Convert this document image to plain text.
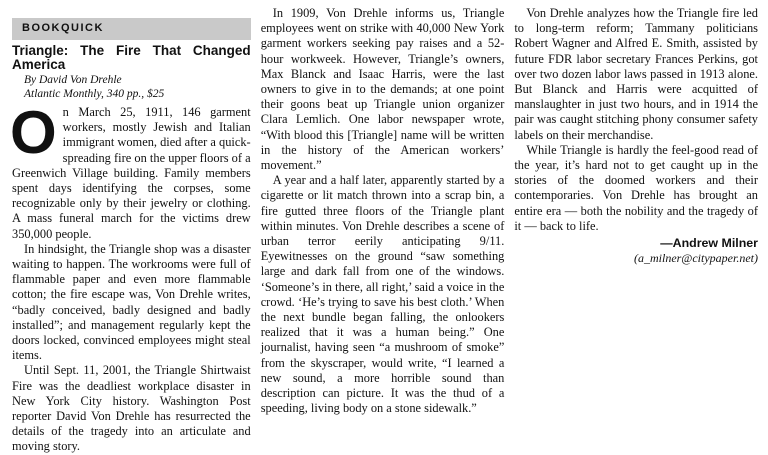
BOOKQUICK
Triangle: The Fire That Changed America

By David Von Drehle

Atlantic Monthly, 340 pp., $25

On March 25, 1911, 146 garment workers, mostly Jewish and Italian immigrant women, died after a quick-spreading fire on the upper floors of a Greenwich Village building. Family members spent days identifying the corpses, some recognizable only by their jewelry or clothing. A mass funeral march for the victims drew 350,000 people.

In hindsight, the Triangle shop was a disaster waiting to happen. The workrooms were full of flammable paper and even more flammable cotton; the fire escape was, Von Drehle writes, “badly conceived, badly designed and badly installed”; and management regularly kept the doors locked, convinced employees might steal items.

Until Sept. 11, 2001, the Triangle Shirtwaist Fire was the deadliest workplace disaster in New York City history. Washington Post reporter David Von Drehle has resurrected the details of the tragedy into an articulate and moving story.

In 1909, Von Drehle informs us, Triangle employees went on strike with 40,000 New York garment workers seeking pay raises and a 52-hour workweek. However, Triangle’s owners, Max Blanck and Isaac Harris, were the last owners to give in to the demands; at one point their goons beat up Triangle union organizer Clara Lemlich. One labor newspaper wrote, “With blood this [Triangle] name will be written in the history of the American workers’ movement.”

A year and a half later, apparently started by a cigarette or lit match thrown into a scrap bin, a fire gutted three floors of the Triangle plant within minutes. Von Drehle describes a scene of urban terror eerily anticipating 9/11. Eyewitnesses on the ground “saw something large and dark fall from one of the windows. ‘Someone’s in there, all right,’ said a voice in the crowd. ‘He’s trying to save his best cloth.’ When the next bundle began falling, the onlookers realized that it was a human being.” One journalist, having seen “a mushroom of smoke” from the skyscraper, would write, “I learned a new sound, a more horrible sound than description can picture. It was the thud of a speeding, living body on a stone sidewalk.”

Von Drehle analyzes how the Triangle fire led to long-term reform; Tammany politicians Robert Wagner and Alfred E. Smith, assisted by future FDR labor secretary Frances Perkins, got over two dozen labor laws passed in 1913 alone. But Blanck and Harris were acquitted of manslaughter in just two hours, and in 1914 the pair was caught stitching phony consumer safety labels on their merchandise.

While Triangle is hardly the feel-good read of the year, it’s hard not to get caught up in the stories of the doomed workers and their contemporaries. Von Drehle has brought an entire era — both the nobility and the tragedy of it — back to life.

—Andrew Milner
(a_milner@citypaper.net)
